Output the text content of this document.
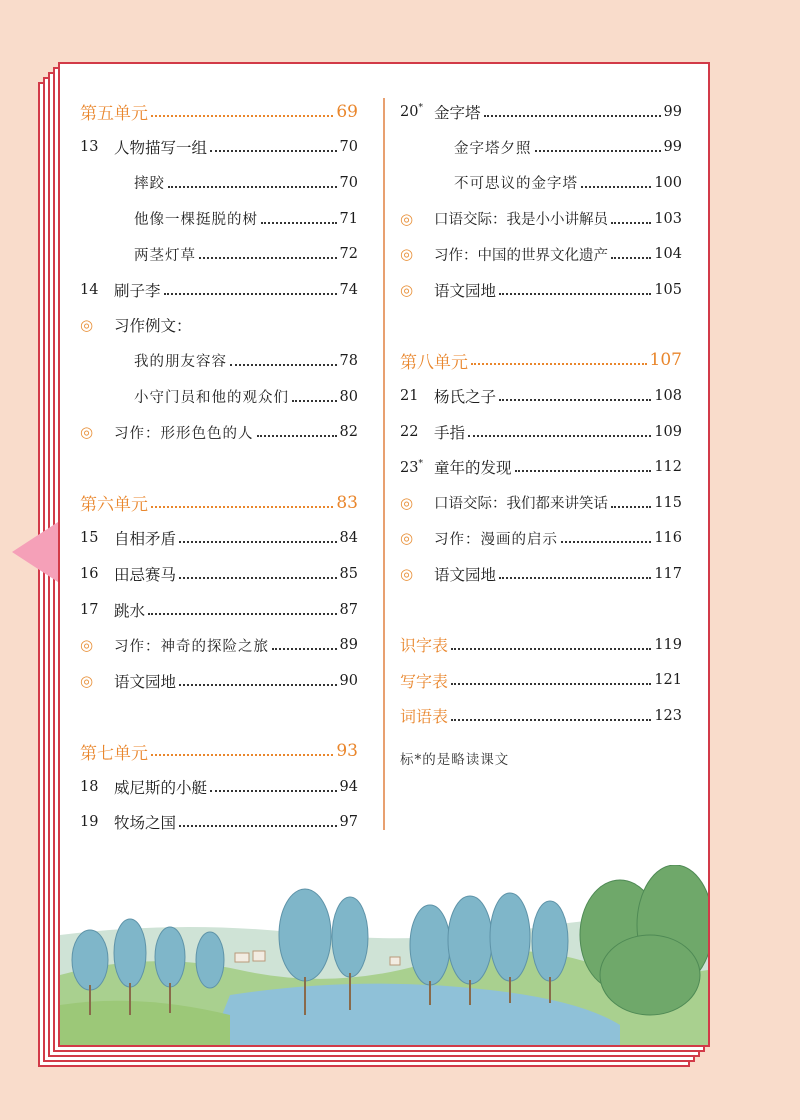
第五单元	69
13	人物描写一组	70
摔跤	70
他像一棵挺脱的树	71
两茎灯草	72
14	刷子李	74
◎	习作例文：
我的朋友容容	78
小守门员和他的观众们	80
◎	习作：形形色色的人	82
第六单元	83
15	自相矛盾	84
16	田忌赛马	85
17	跳水	87
◎	习作：神奇的探险之旅	89
◎	语文园地	90
第七单元	93
18	威尼斯的小艇	94
19	牧场之国	97
20* 金字塔	99
金字塔夕照	99
不可思议的金字塔	100
◎	口语交际：我是小小讲解员	103
◎	习作：中国的世界文化遗产	104
◎	语文园地	105
第八单元	107
21	杨氏之子	108
22	手指	109
23* 童年的发现	112
◎	口语交际：我们都来讲笑话	115
◎	习作：漫画的启示	116
◎	语文园地	117
识字表	119
写字表	121
词语表	123
标*的是略读课文
